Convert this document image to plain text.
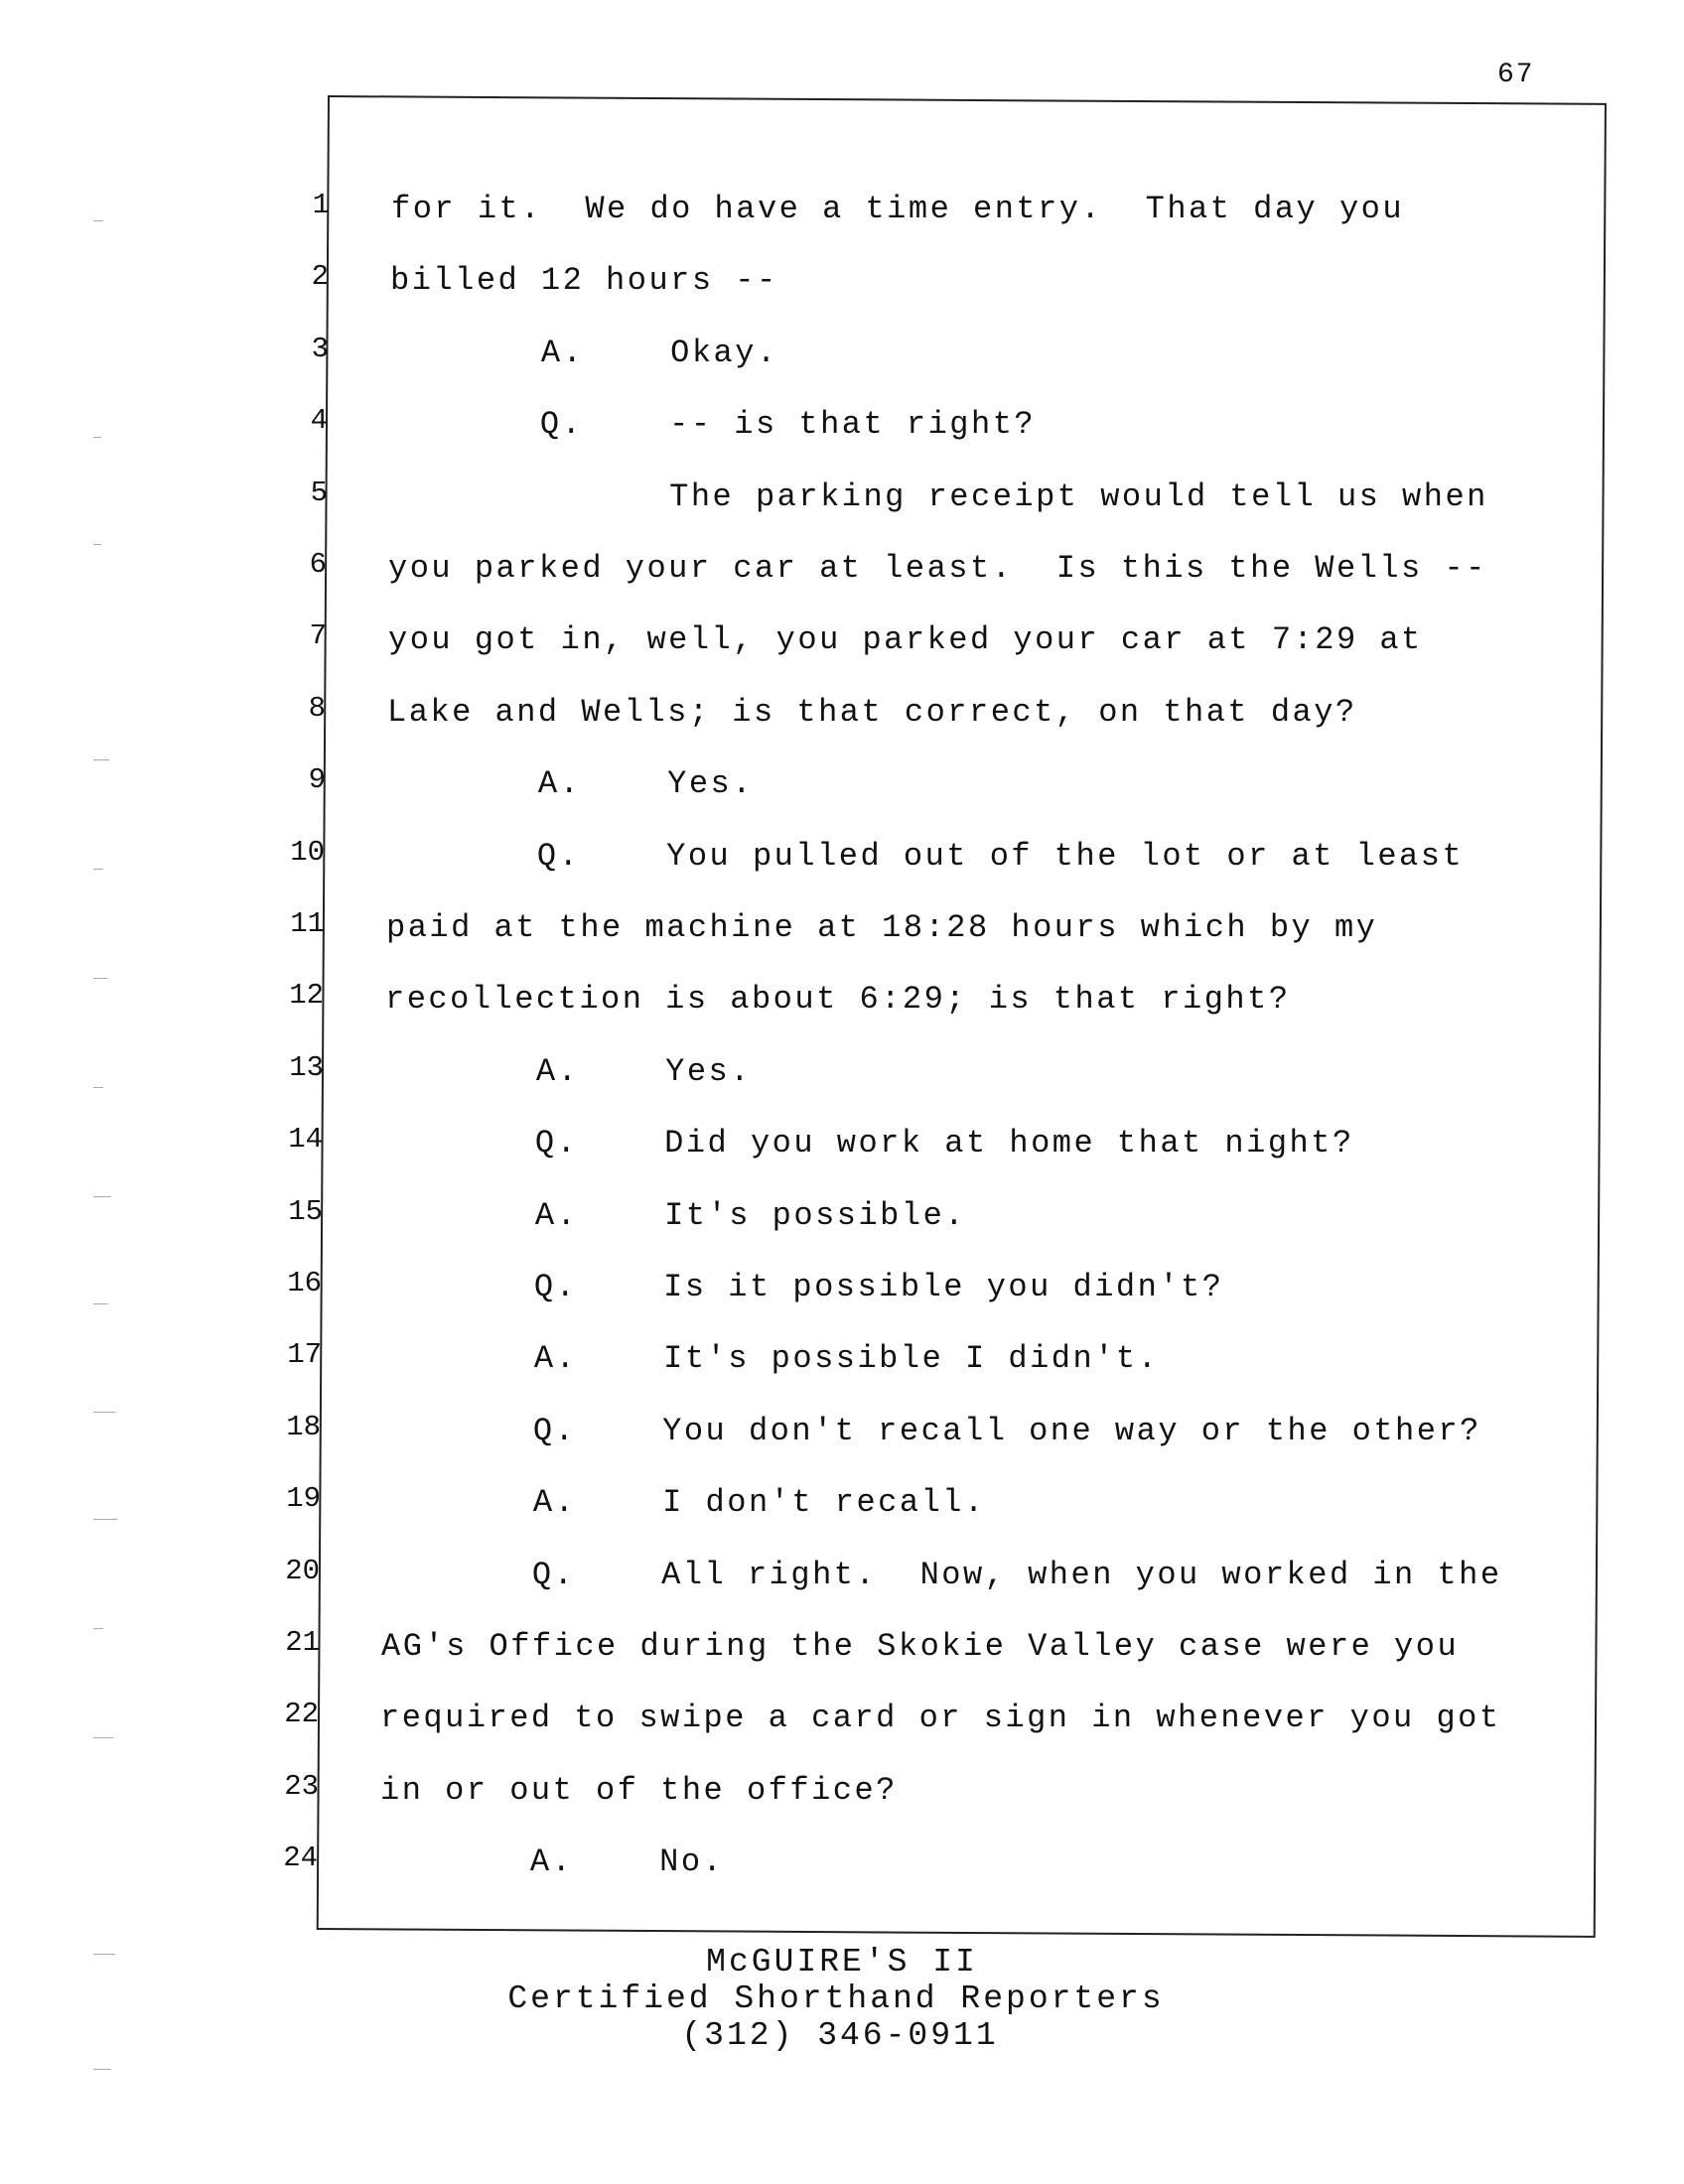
67
1 for it.  We do have a time entry.  That day you
2 billed 12 hours --
3 A.    Okay.
4 Q.    -- is that right?
5 The parking receipt would tell us when
6 you parked your car at least.  Is this the Wells --
7 you got in, well, you parked your car at 7:29 at
8 Lake and Wells; is that correct, on that day?
9 A.    Yes.
10 Q.    You pulled out of the lot or at least
11 paid at the machine at 18:28 hours which by my
12 recollection is about 6:29; is that right?
13 A.    Yes.
14 Q.    Did you work at home that night?
15 A.    It's possible.
16 Q.    Is it possible you didn't?
17 A.    It's possible I didn't.
18 Q.    You don't recall one way or the other?
19 A.    I don't recall.
20 Q.    All right.  Now, when you worked in the
21 AG's Office during the Skokie Valley case were you
22 required to swipe a card or sign in whenever you got
23 in or out of the office?
24 A.    No.
McGUIRE'S II
Certified Shorthand Reporters
(312) 346-0911
